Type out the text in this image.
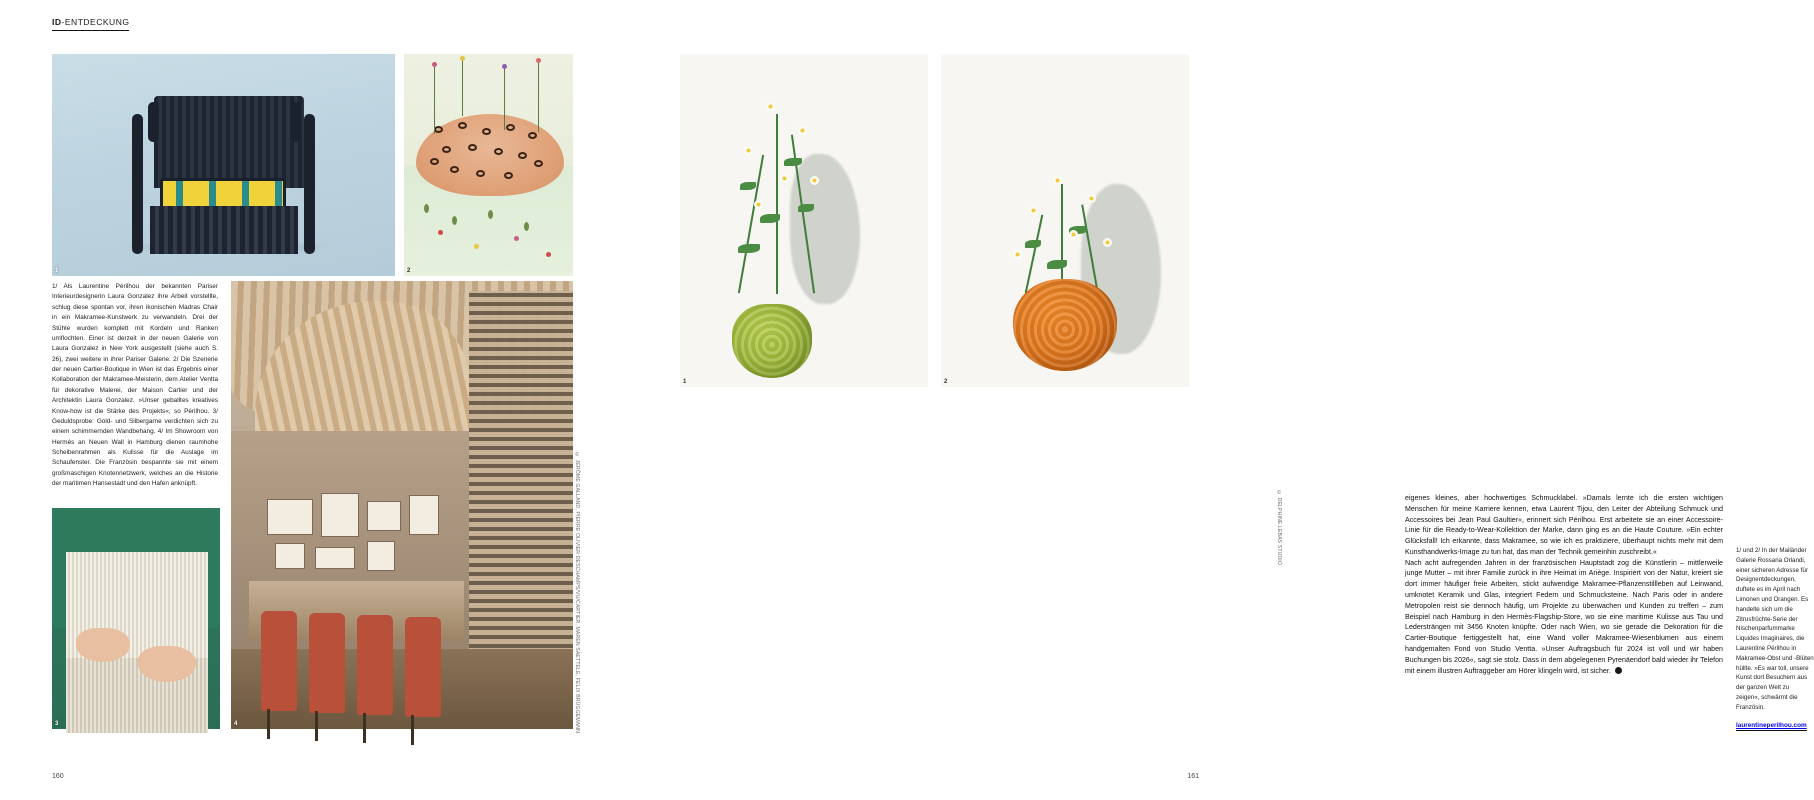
ID-ENTDECKUNG
1	2
1/ Als Laurentine Périlhou der bekannten Pariser Interieurdesignerin Laura Gonzalez ihre Arbeit vorstellte, schlug diese spontan vor, ihren ikonischen Madras Chair in ein Makramee-Kunstwerk zu verwandeln. Drei der Stühle wurden komplett mit Kordeln und Ranken umflochten. Einer ist derzeit in der neuen Galerie von Laura Gonzalez in New York ausgestellt (siehe auch S. 26), zwei weitere in ihrer Pariser Galerie. 2/ Die Szenerie der neuen Cartier-Boutique in Wien ist das Ergebnis einer Kollaboration der Makramee-Meisterin, dem Atelier Ventta für dekorative Malerei, der Maison Cartier und der Architektin Laura Gonzalez. »Unser geballtes kreatives Know-how ist die Stärke des Projekts«, so Périlhou. 3/ Geduldsprobe: Gold- und Silbergarne verdichten sich zu einem schimmernden Wandbehang. 4/ Im Showroom von Hermès an Neuen Wall in Hamburg dienen raumhohe Scheibenrahmen als Kulisse für die Auslage im Schaufenster. Die Französin bespannte sie mit einem großmaschigen Knotennetzwerk, welches an die Historie der maritimen Hansestadt und den Hafen anknüpft.
3	4	© JÉRÔME GALLAND, PIERRE OLIVIER DESCHAMPS/VU/CARTIER, MAREN SAETTELE, FELIX BRÜGGEMANN
160
© DELPHINE LEBAS STUDIO
1	2

eigenes kleines, aber hochwertiges Schmucklabel. »Damals lernte ich die ersten wichtigen Menschen für meine Karriere kennen, etwa Laurent Tijou, den Leiter der Abteilung Schmuck und Accessoires bei Jean Paul Gaultier«, erinnert sich Périlhou. Erst arbeitete sie an einer Accessoire-Linie für die Ready-to-Wear-Kollektion der Marke, dann ging es an die Haute Couture. »Ein echter Glücksfall! Ich erkannte, dass Makramee, so wie ich es praktiziere, überhaupt nichts mehr mit dem Kunsthandwerks-Image zu tun hat, das man der Technik gemeinhin zuschreibt.«

Nach acht aufregenden Jahren in der französischen Hauptstadt zog die Künstlerin – mittlerweile junge Mutter – mit ihrer Familie zurück in ihre Heimat im Ariège. Inspiriert von der Natur, kreiert sie dort immer häufiger freie Arbeiten, stickt aufwendige Makramee-Pflanzenstillleben auf Leinwand, umknotet Keramik und Glas, integriert Federn und Schmucksteine. Nach Paris oder in andere Metropolen reist sie dennoch häufig, um Projekte zu überwachen und Kunden zu treffen – zum Beispiel nach Hamburg in den Hermès-Flagship-Store, wo sie eine maritime Kulisse aus Tau und Ledersträngen mit 3456 Knoten knüpfte. Oder nach Wien, wo sie gerade die Dekoration für die Cartier-Boutique fertiggestellt hat, eine Wand voller Makramee-Wiesenblumen aus einem handgemalten Fond von Studio Ventta. »Unser Auftragsbuch für 2024 ist voll und wir haben Buchungen bis 2026«, sagt sie stolz. Dass in dem abgelegenen Pyrenäendorf bald wieder ihr Telefon mit einem illustren Auftraggeber am Hörer klingeln wird, ist sicher.

1/ und 2/ In der Mailänder Galerie Rossana Orlandi, einer sicheren Adresse für Designentdeckungen, duftete es im April nach Limonen und Orangen. Es handelte sich um die Zitrusfrüchte-Serie der Nischenparfummarke Liquides Imaginaires, die Laurentine Périlhou in Makramee-Obst und -Blüten hüllte. »Es war toll, unsere Kunst dort Besuchern aus der ganzen Welt zu zeigen«, schwärmt die Französin.
laurentineperilhou.com
161
